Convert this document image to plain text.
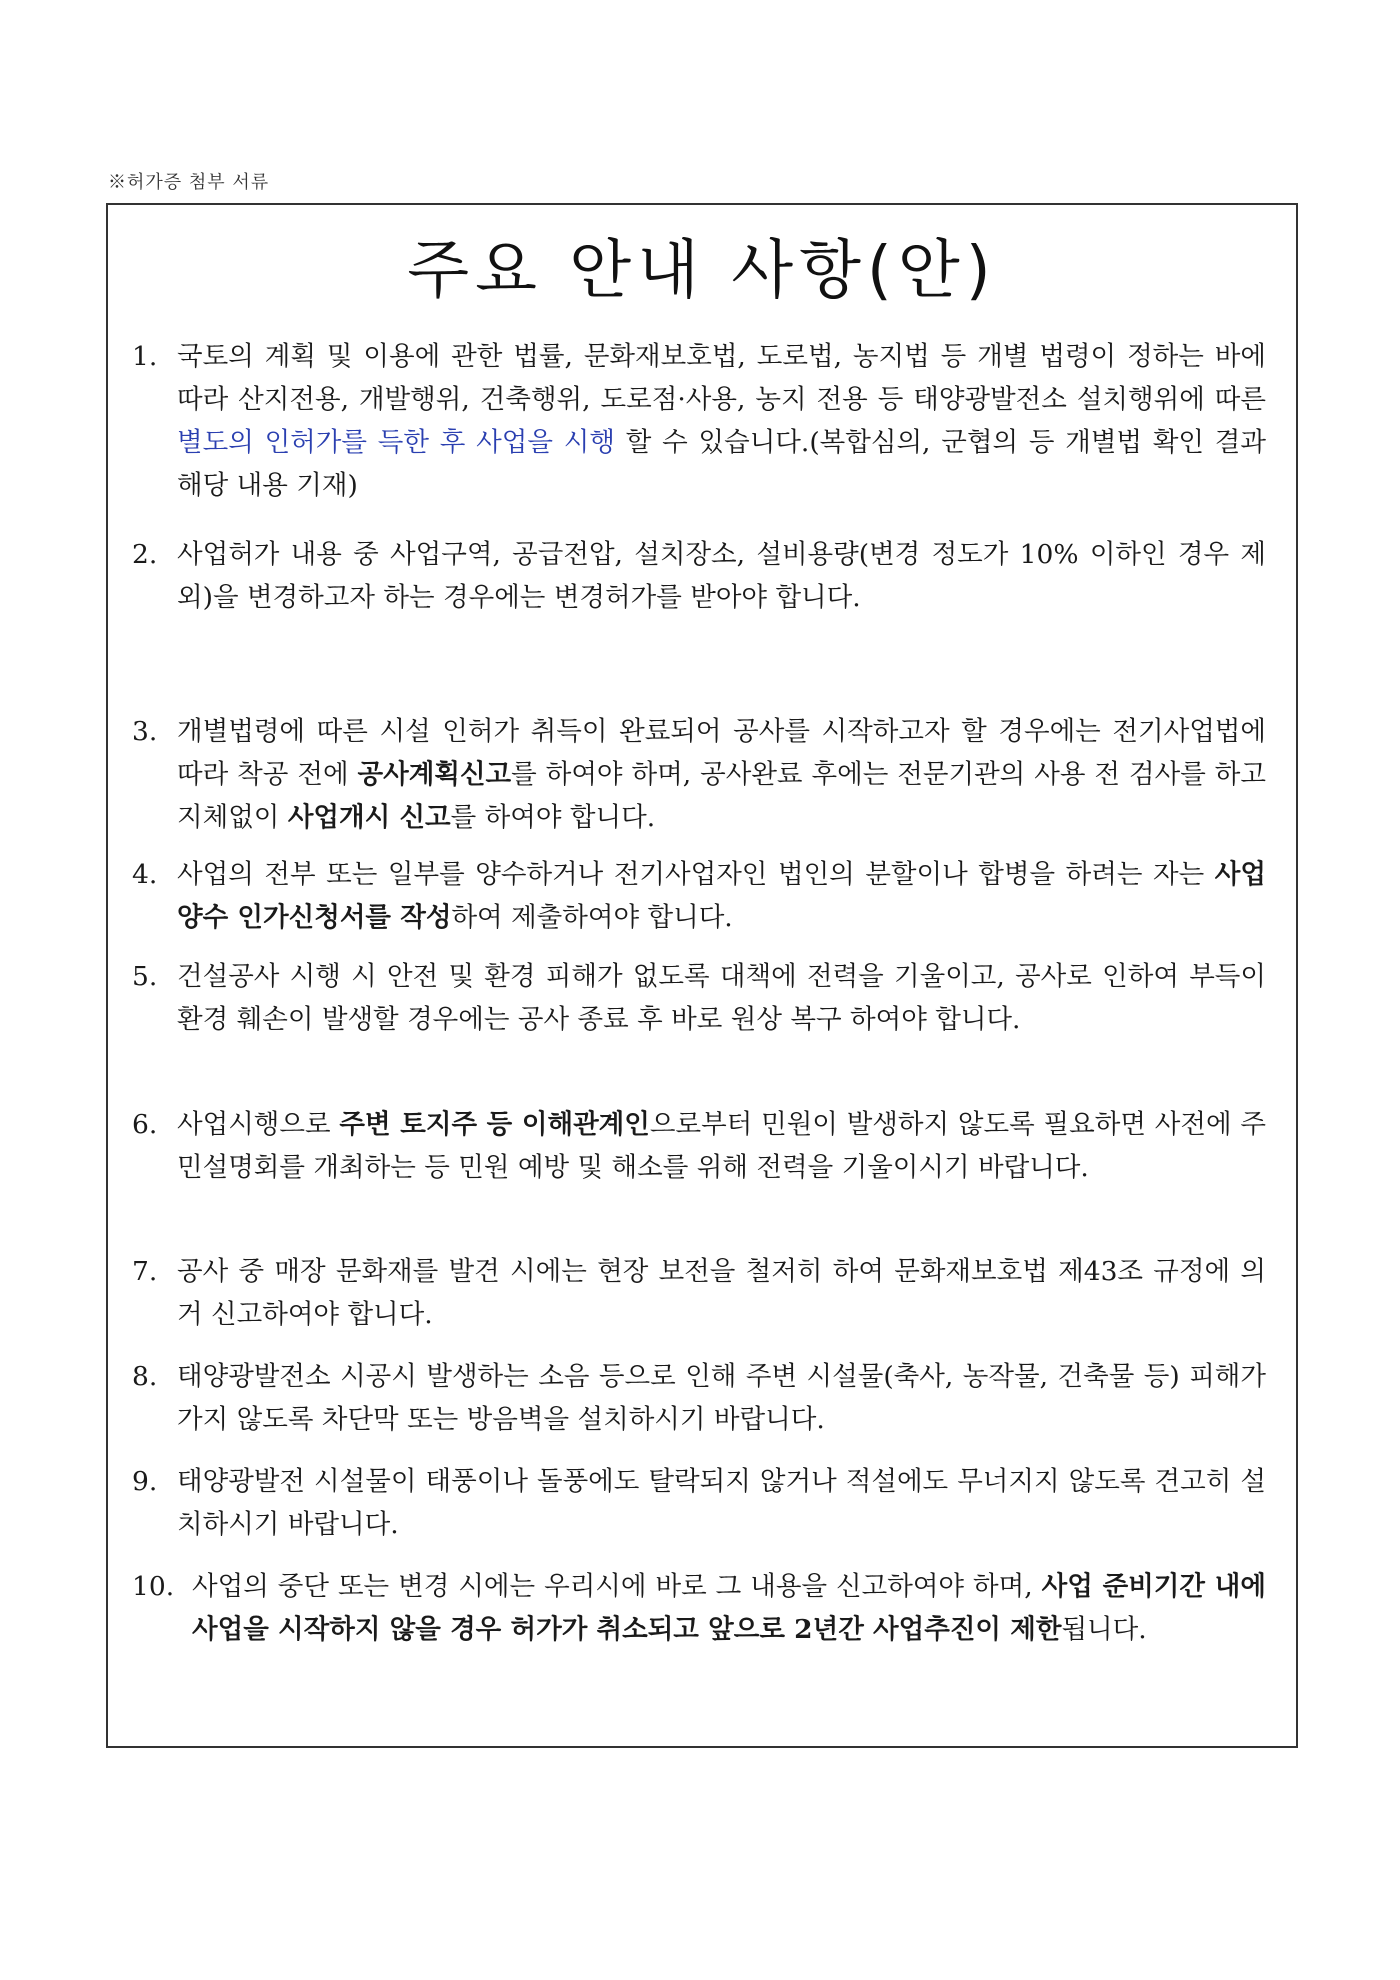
※허가증 첨부 서류
주요 안내 사항(안)
1. 국토의 계획 및 이용에 관한 법률, 문화재보호법, 도로법, 농지법 등 개별 법령이 정하는 바에 따라 산지전용, 개발행위, 건축행위, 도로점·사용, 농지 전용 등 태양광발전소 설치행위에 따른 별도의 인허가를 득한 후 사업을 시행 할 수 있습니다.(복합심의, 군협의 등 개별법 확인 결과 해당 내용 기재)
2. 사업허가 내용 중 사업구역, 공급전압, 설치장소, 설비용량(변경 정도가 10% 이하인 경우 제외)을 변경하고자 하는 경우에는 변경허가를 받아야 합니다.
3. 개별법령에 따른 시설 인허가 취득이 완료되어 공사를 시작하고자 할 경우에는 전기사업법에 따라 착공 전에 공사계획신고를 하여야 하며, 공사완료 후에는 전문기관의 사용 전 검사를 하고 지체없이 사업개시 신고를 하여야 합니다.
4. 사업의 전부 또는 일부를 양수하거나 전기사업자인 법인의 분할이나 합병을 하려는 자는 사업양수 인가신청서를 작성하여 제출하여야 합니다.
5. 건설공사 시행 시 안전 및 환경 피해가 없도록 대책에 전력을 기울이고, 공사로 인하여 부득이 환경 훼손이 발생할 경우에는 공사 종료 후 바로 원상 복구 하여야 합니다.
6. 사업시행으로 주변 토지주 등 이해관계인으로부터 민원이 발생하지 않도록 필요하면 사전에 주민설명회를 개최하는 등 민원 예방 및 해소를 위해 전력을 기울이시기 바랍니다.
7. 공사 중 매장 문화재를 발견 시에는 현장 보전을 철저히 하여 문화재보호법 제43조 규정에 의거 신고하여야 합니다.
8. 태양광발전소 시공시 발생하는 소음 등으로 인해 주변 시설물(축사, 농작물, 건축물 등) 피해가 가지 않도록 차단막 또는 방음벽을 설치하시기 바랍니다.
9. 태양광발전 시설물이 태풍이나 돌풍에도 탈락되지 않거나 적설에도 무너지지 않도록 견고히 설치하시기 바랍니다.
10. 사업의 중단 또는 변경 시에는 우리시에 바로 그 내용을 신고하여야 하며, 사업 준비기간 내에 사업을 시작하지 않을 경우 허가가 취소되고 앞으로 2년간 사업추진이 제한됩니다.
